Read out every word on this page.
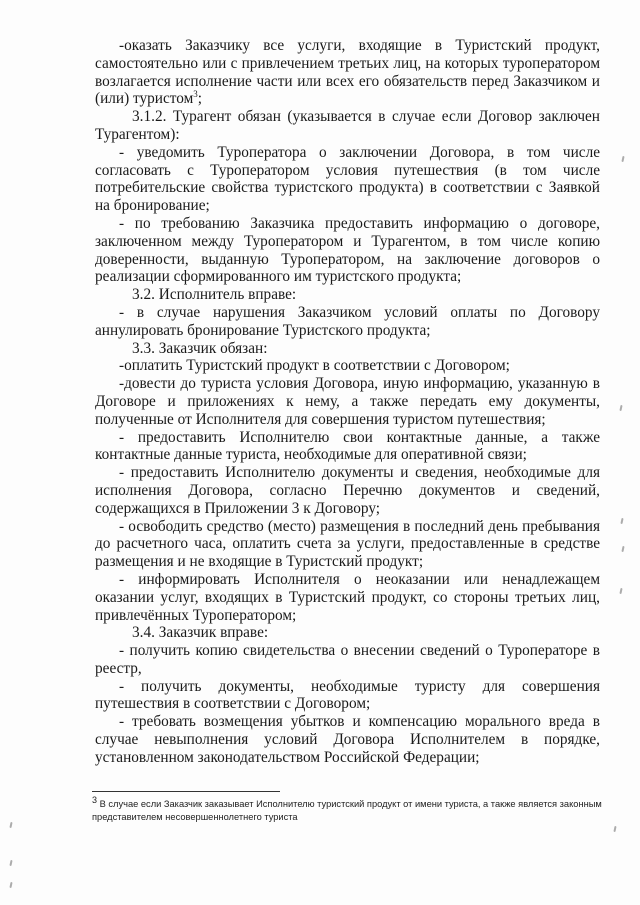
-оказать Заказчику все услуги, входящие в Туристский продукт, самостоятельно или с привлечением третьих лиц, на которых туроператором возлагается исполнение части или всех его обязательств перед Заказчиком и (или) туристом$^3$;

3.1.2. Турагент обязан (указывается в случае если Договор заключен Турагентом):

- уведомить Туроператора о заключении Договора, в том числе согласовать с Туроператором условия путешествия (в том числе потребительские свойства туристского продукта) в соответствии с Заявкой на бронирование;

- по требованию Заказчика предоставить информацию о договоре, заключенном между Туроператором и Турагентом, в том числе копию доверенности, выданную Туроператором, на заключение договоров о реализации сформированного им туристского продукта;

3.2. Исполнитель вправе:

- в случае нарушения Заказчиком условий оплаты по Договору аннулировать бронирование Туристского продукта;

3.3. Заказчик обязан:

-оплатить Туристский продукт в соответствии с Договором;

-довести до туриста условия Договора, иную информацию, указанную в Договоре и приложениях к нему, а также передать ему документы, полученные от Исполнителя для совершения туристом путешествия;

- предоставить Исполнителю свои контактные данные, а также контактные данные туриста, необходимые для оперативной связи;

- предоставить Исполнителю документы и сведения, необходимые для исполнения Договора, согласно Перечню документов и сведений, содержащихся в Приложении 3 к Договору;

- освободить средство (место) размещения в последний день пребывания до расчетного часа, оплатить счета за услуги, предоставленные в средстве размещения и не входящие в Туристский продукт;

- информировать Исполнителя о неоказании или ненадлежащем оказании услуг, входящих в Туристский продукт, со стороны третьих лиц, привлечённых Туроператором;

3.4. Заказчик вправе:

- получить копию свидетельства о внесении сведений о Туроператоре в реестр,

- получить документы, необходимые туристу для совершения путешествия в соответствии с Договором;

- требовать возмещения убытков и компенсацию морального вреда в случае невыполнения условий Договора Исполнителем в порядке, установленном законодательством Российской Федерации;

$^3$ В случае если Заказчик заказывает Исполнителю туристский продукт от имени туриста, а также является законным представителем несовершеннолетнего туриста
